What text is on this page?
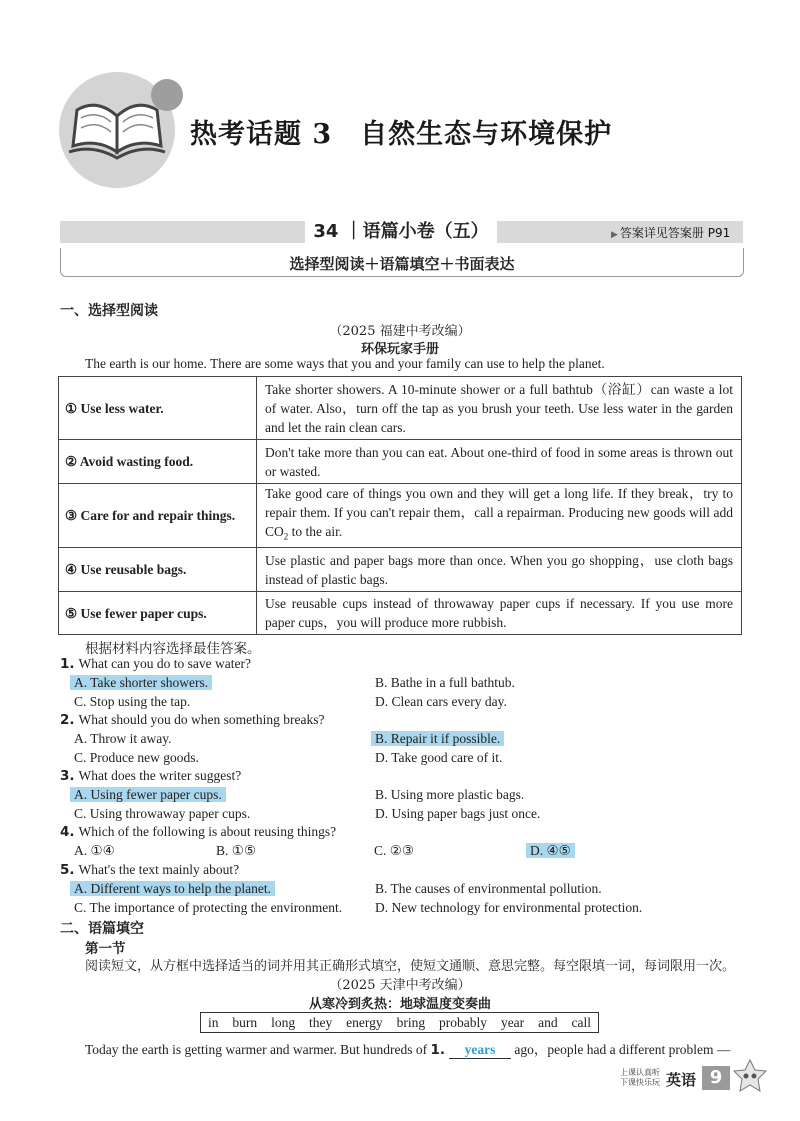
热考话题 3　自然生态与环境保护
34 ｜语篇小卷（五）	▶ 答案详见答案册 P91
选择型阅读＋语篇填空＋书面表达
一、选择型阅读
（2025 福建中考改编）
环保玩家手册
The earth is our home. There are some ways that you and your family can use to help the planet.
① Use less water.	Take shorter showers. A 10-minute shower or a full bathtub（浴缸）can waste a lot of water. Also，turn off the tap as you brush your teeth. Use less water in the garden and let the rain clean cars.
② Avoid wasting food.	Don't take more than you can eat. About one-third of food in some areas is thrown out or wasted.
③ Care for and repair things.	Take good care of things you own and they will get a long life. If they break，try to repair them. If you can't repair them，call a repairman. Producing new goods will add $CO_2$ to the air.
④ Use reusable bags.	Use plastic and paper bags more than once. When you go shopping，use cloth bags instead of plastic bags.
⑤ Use fewer paper cups.	Use reusable cups instead of throwaway paper cups if necessary. If you use more paper cups，you will produce more rubbish.
根据材料内容选择最佳答案。
1. What can you do to save water?
A. Take shorter showers.	B. Bathe in a full bathtub.
C. Stop using the tap.	D. Clean cars every day.
2. What should you do when something breaks?
A. Throw it away.	B. Repair it if possible.
C. Produce new goods.	D. Take good care of it.
3. What does the writer suggest?
A. Using fewer paper cups.	B. Using more plastic bags.
C. Using throwaway paper cups.	D. Using paper bags just once.
4. Which of the following is about reusing things?
A. ①④	B. ①⑤	C. ②③	D. ④⑤
5. What's the text mainly about?
A. Different ways to help the planet.	B. The causes of environmental pollution.
C. The importance of protecting the environment. D. New technology for environmental protection.
二、语篇填空
第一节
阅读短文，从方框中选择适当的词并用其正确形式填空，使短文通顺、意思完整。每空限填一词，每词限用一次。
（2025 天津中考改编）
从寒冷到炙热：地球温度变奏曲
in burn long they energy bring probably year and call
Today the earth is getting warmer and warmer. But hundreds of 1. years ago，people had a different problem —
上课认真听
下课快乐玩 英语 9
